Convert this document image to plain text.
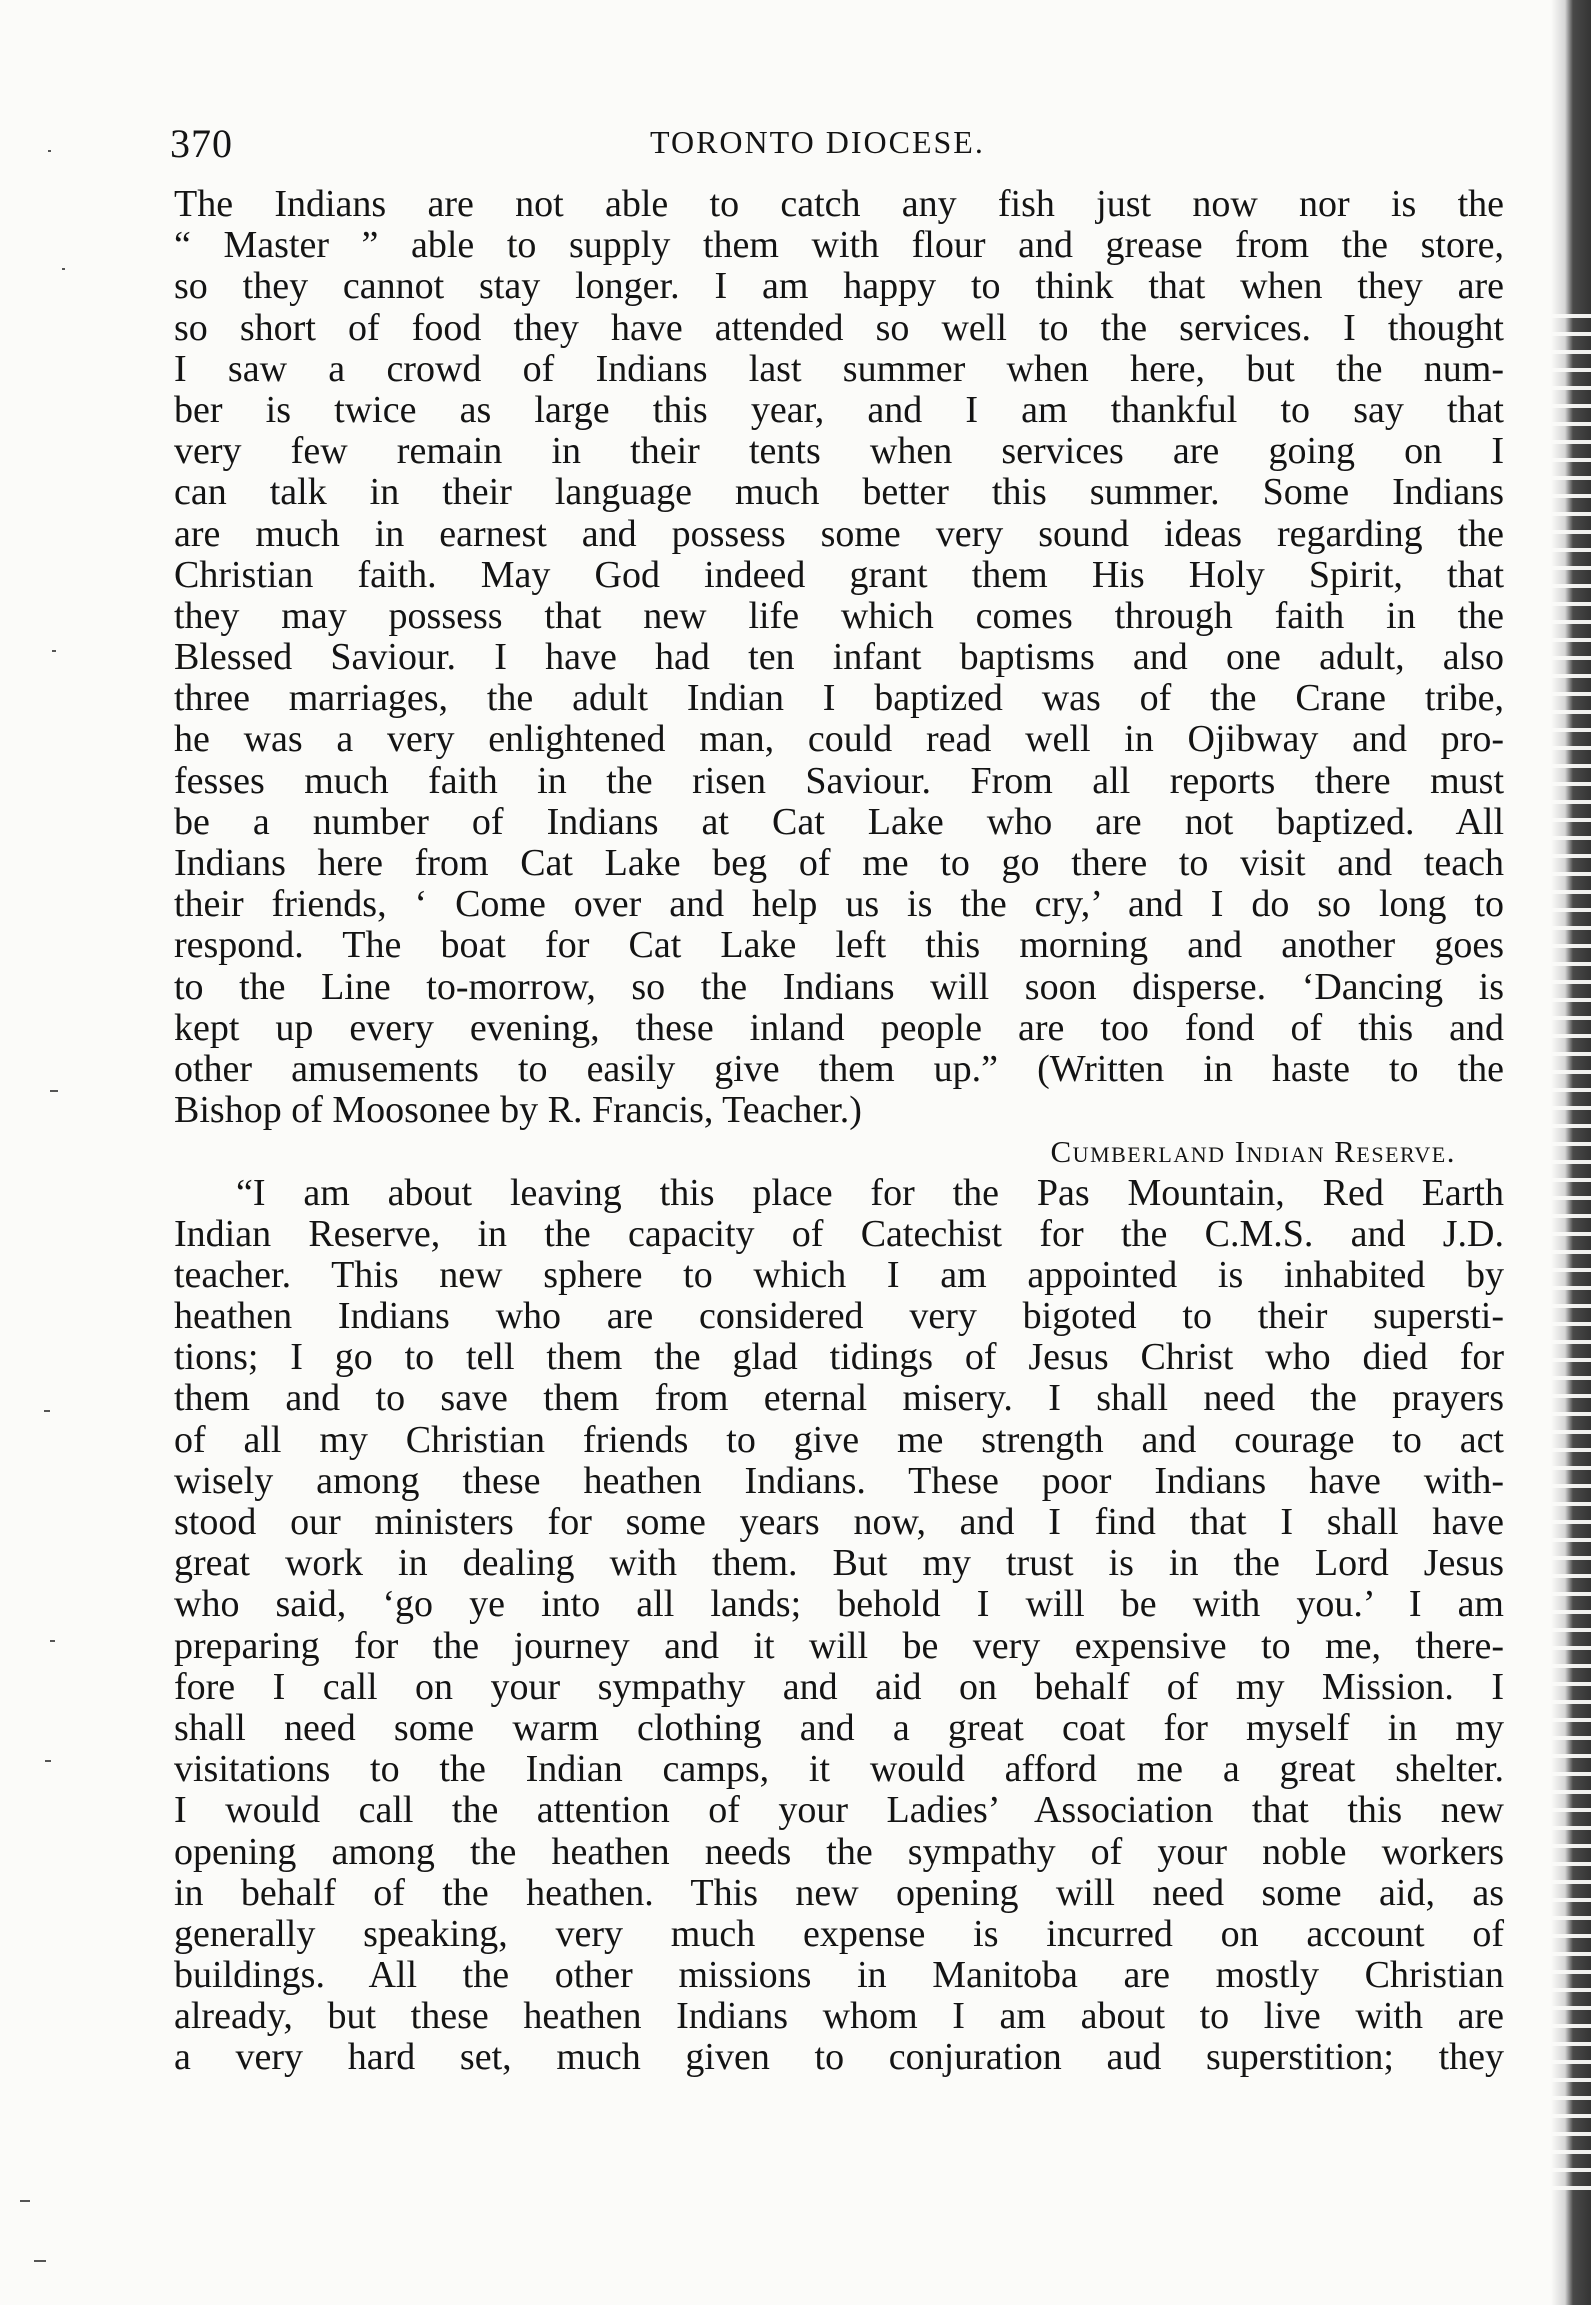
370	TORONTO DIOCESE.
The Indians are not able to catch any fish just now nor is the
“ Master ” able to supply them with flour and grease from the store,
so they cannot stay longer. I am happy to think that when they are
so short of food they have attended so well to the services. I thought
I saw a crowd of Indians last summer when here, but the num-
ber is twice as large this year, and I am thankful to say that
very few remain in their tents when services are going on I
can talk in their language much better this summer. Some Indians
are much in earnest and possess some very sound ideas regarding the
Christian faith. May God indeed grant them His Holy Spirit, that
they may possess that new life which comes through faith in the
Blessed Saviour. I have had ten infant baptisms and one adult, also
three marriages, the adult Indian I baptized was of the Crane tribe,
he was a very enlightened man, could read well in Ojibway and pro-
fesses much faith in the risen Saviour. From all reports there must
be a number of Indians at Cat Lake who are not baptized. All
Indians here from Cat Lake beg of me to go there to visit and teach
their friends, ‘ Come over and help us is the cry,’ and I do so long to
respond. The boat for Cat Lake left this morning and another goes
to the Line to-morrow, so the Indians will soon disperse. ‘Dancing is
kept up every evening, these inland people are too fond of this and
other amusements to easily give them up.” (Written in haste to the
Bishop of Moosonee by R. Francis, Teacher.)
Cumberland Indian Reserve.
“I am about leaving this place for the Pas Mountain, Red Earth
Indian Reserve, in the capacity of Catechist for the C.M.S. and J.D.
teacher. This new sphere to which I am appointed is inhabited by
heathen Indians who are considered very bigoted to their supersti-
tions; I go to tell them the glad tidings of Jesus Christ who died for
them and to save them from eternal misery. I shall need the prayers
of all my Christian friends to give me strength and courage to act
wisely among these heathen Indians. These poor Indians have with-
stood our ministers for some years now, and I find that I shall have
great work in dealing with them. But my trust is in the Lord Jesus
who said, ‘go ye into all lands; behold I will be with you.’ I am
preparing for the journey and it will be very expensive to me, there-
fore I call on your sympathy and aid on behalf of my Mission. I
shall need some warm clothing and a great coat for myself in my
visitations to the Indian camps, it would afford me a great shelter.
I would call the attention of your Ladies’ Association that this new
opening among the heathen needs the sympathy of your noble workers
in behalf of the heathen. This new opening will need some aid, as
generally speaking, very much expense is incurred on account of
buildings. All the other missions in Manitoba are mostly Christian
already, but these heathen Indians whom I am about to live with are
a very hard set, much given to conjuration aud superstition; they
